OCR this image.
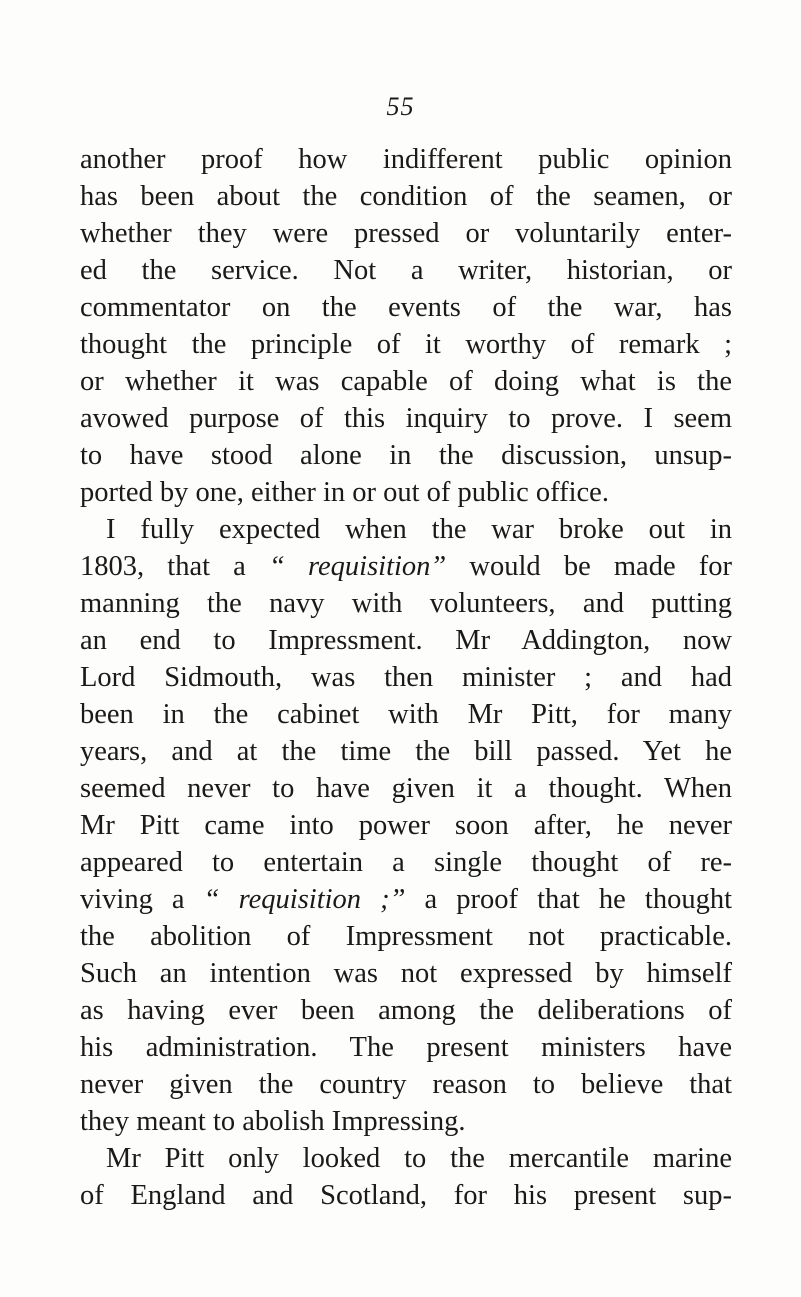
55
another proof how indifferent public opinion
has been about the condition of the seamen, or
whether they were pressed or voluntarily enter-
ed the service. Not a writer, historian, or
commentator on the events of the war, has
thought the principle of it worthy of remark ;
or whether it was capable of doing what is the
avowed purpose of this inquiry to prove. I seem
to have stood alone in the discussion, unsup-
ported by one, either in or out of public office.
I fully expected when the war broke out in
1803, that a “ requisition” would be made for
manning the navy with volunteers, and putting
an end to Impressment. Mr Addington, now
Lord Sidmouth, was then minister ; and had
been in the cabinet with Mr Pitt, for many
years, and at the time the bill passed. Yet he
seemed never to have given it a thought. When
Mr Pitt came into power soon after, he never
appeared to entertain a single thought of re-
viving a “ requisition ;” a proof that he thought
the abolition of Impressment not practicable.
Such an intention was not expressed by himself
as having ever been among the deliberations of
his administration. The present ministers have
never given the country reason to believe that
they meant to abolish Impressing.
Mr Pitt only looked to the mercantile marine
of England and Scotland, for his present sup-
